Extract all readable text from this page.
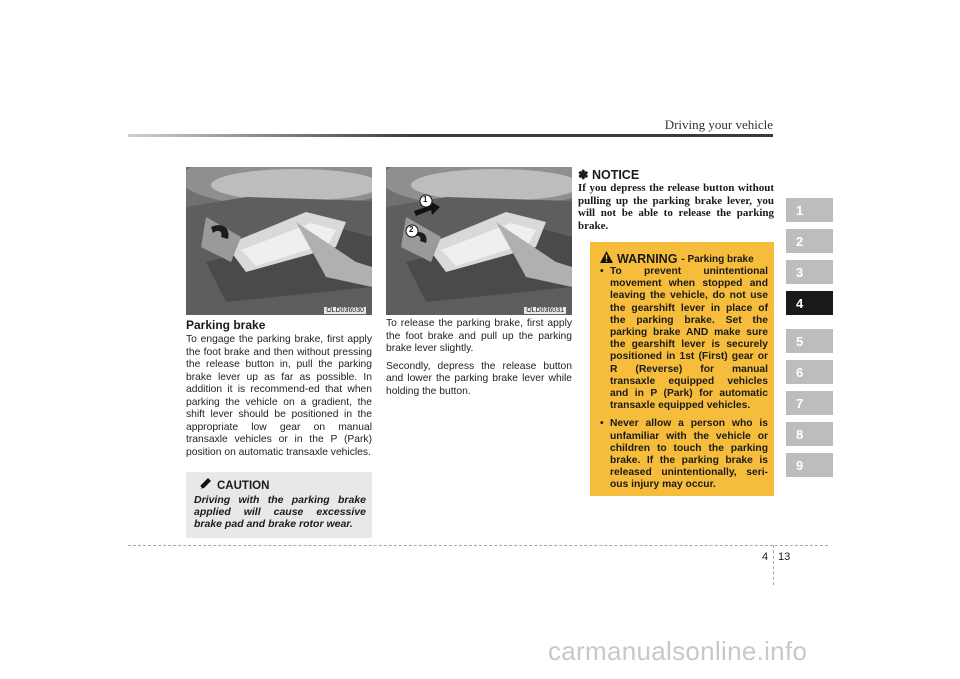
Driving your vehicle
OLD036030
Parking brake

To engage the parking brake, first apply the foot brake and then without pressing the release button in, pull the parking brake lever up as far as possible. In addition it is recommend-ed that when parking the vehicle on a gradient, the shift lever should be positioned in the appropriate low gear on manual transaxle vehicles or in the P (Park) position on automatic transaxle vehicles.

CAUTION
Driving with the parking brake applied will cause excessive brake pad and brake rotor wear.
1
2
OLD036031

To release the parking brake, first apply the foot brake and pull up the parking brake lever slightly.

Secondly, depress the release button and lower the parking brake lever while holding the button.

✽ NOTICE
If you depress the release button without pulling up the parking brake lever, you will not be able to release the parking brake.
WARNING - Parking brake
• To prevent unintentional movement when stopped and leaving the vehicle, do not use the gearshift lever in place of the parking brake. Set the parking brake AND make sure the gearshift lever is securely positioned in 1st (First) gear or R (Reverse) for manual transaxle equipped vehicles and in P (Park) for automatic transaxle equipped vehicles.
• Never allow a person who is unfamiliar with the vehicle or children to touch the parking brake. If the parking brake is released unintentionally, seri-ous injury may occur.
1
2
3
4
5
6
7
8
9
4 13
carmanualsonline.info
